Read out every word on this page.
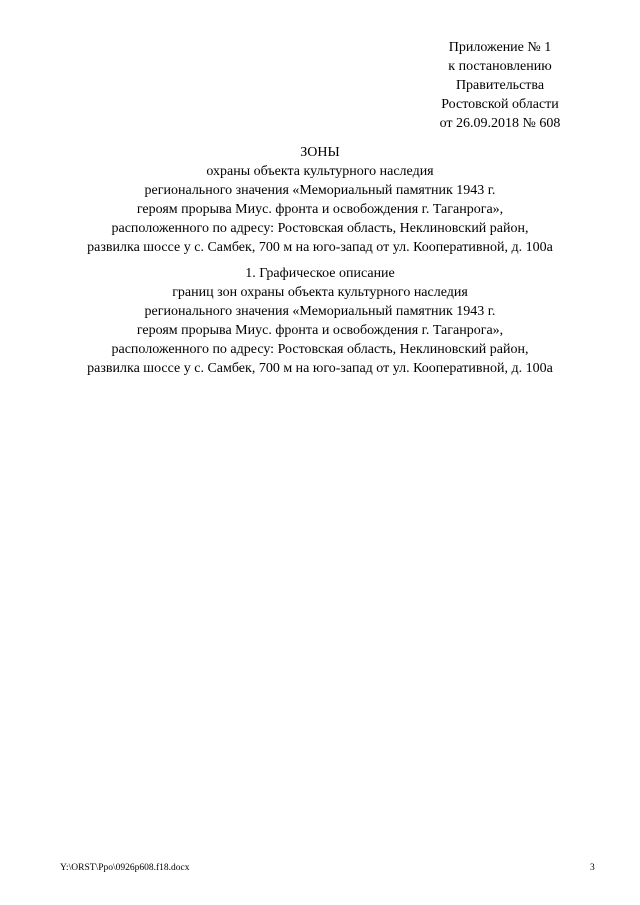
Приложение № 1
к постановлению
Правительства
Ростовской области
от 26.09.2018 № 608
ЗОНЫ
охраны объекта культурного наследия
регионального значения «Мемориальный памятник 1943 г.
героям прорыва Миус. фронта и освобождения г. Таганрога»,
расположенного по адресу: Ростовская область, Неклиновский район,
развилка шоссе у с. Самбек, 700 м на юго-запад от ул. Кооперативной, д. 100а
1. Графическое описание
границ зон охраны объекта культурного наследия
регионального значения «Мемориальный памятник 1943 г.
героям прорыва Миус. фронта и освобождения г. Таганрога»,
расположенного по адресу: Ростовская область, Неклиновский район,
развилка шоссе у с. Самбек, 700 м на юго-запад от ул. Кооперативной, д. 100а
Y:\ORST\Ppo\0926p608.f18.docx	3
